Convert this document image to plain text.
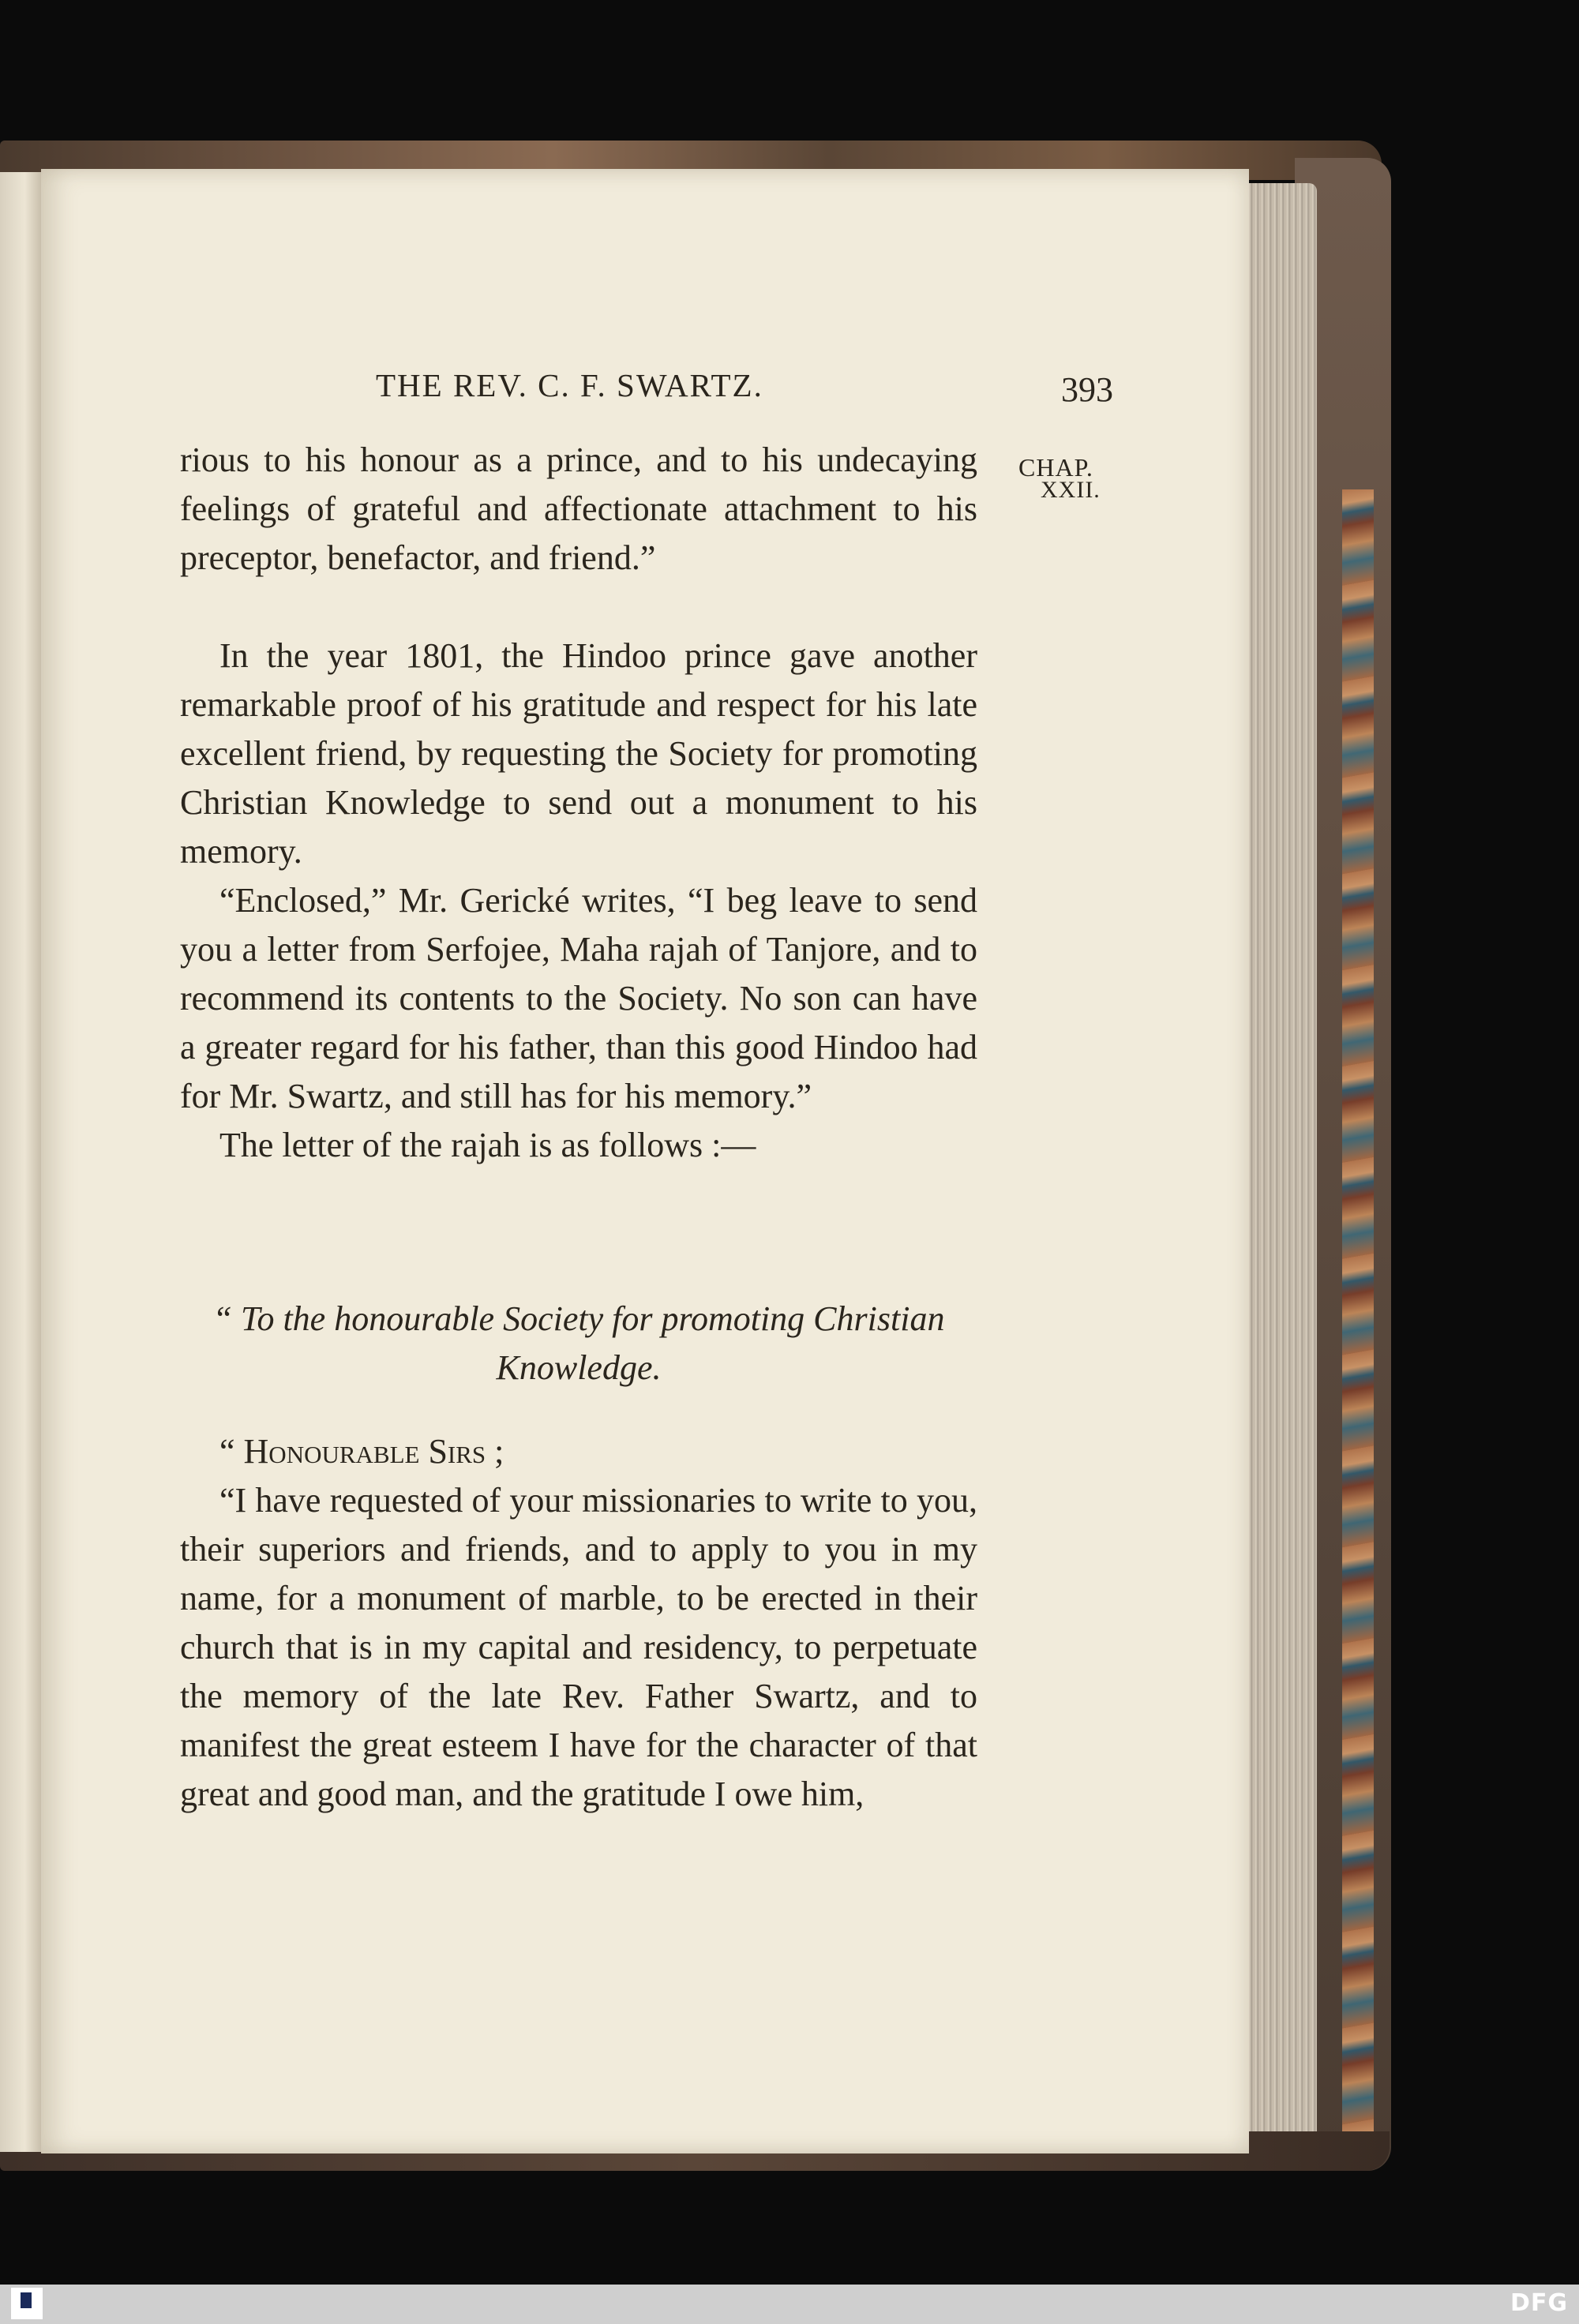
THE REV. C. F. SWARTZ.	393
CHAP.
XXII.

rious to his honour as a prince, and to his undecaying feelings of grateful and affectionate attachment to his preceptor, benefactor, and friend.”

In the year 1801, the Hindoo prince gave another remarkable proof of his gratitude and respect for his late excellent friend, by requesting the Society for promoting Christian Knowledge to send out a monument to his memory.

“Enclosed,” Mr. Gerické writes, “I beg leave to send you a letter from Serfojee, Maha rajah of Tanjore, and to recommend its contents to the Society. No son can have a greater regard for his father, than this good Hindoo had for Mr. Swartz, and still has for his memory.”

The letter of the rajah is as follows :—

“ To the honourable Society for promoting Christian Knowledge.

“ Honourable Sirs ;

“I have requested of your missionaries to write to you, their superiors and friends, and to apply to you in my name, for a monument of marble, to be erected in their church that is in my capital and residency, to perpetuate the memory of the late Rev. Father Swartz, and to manifest the great esteem I have for the character of that great and good man, and the gratitude I owe him,

DFG
